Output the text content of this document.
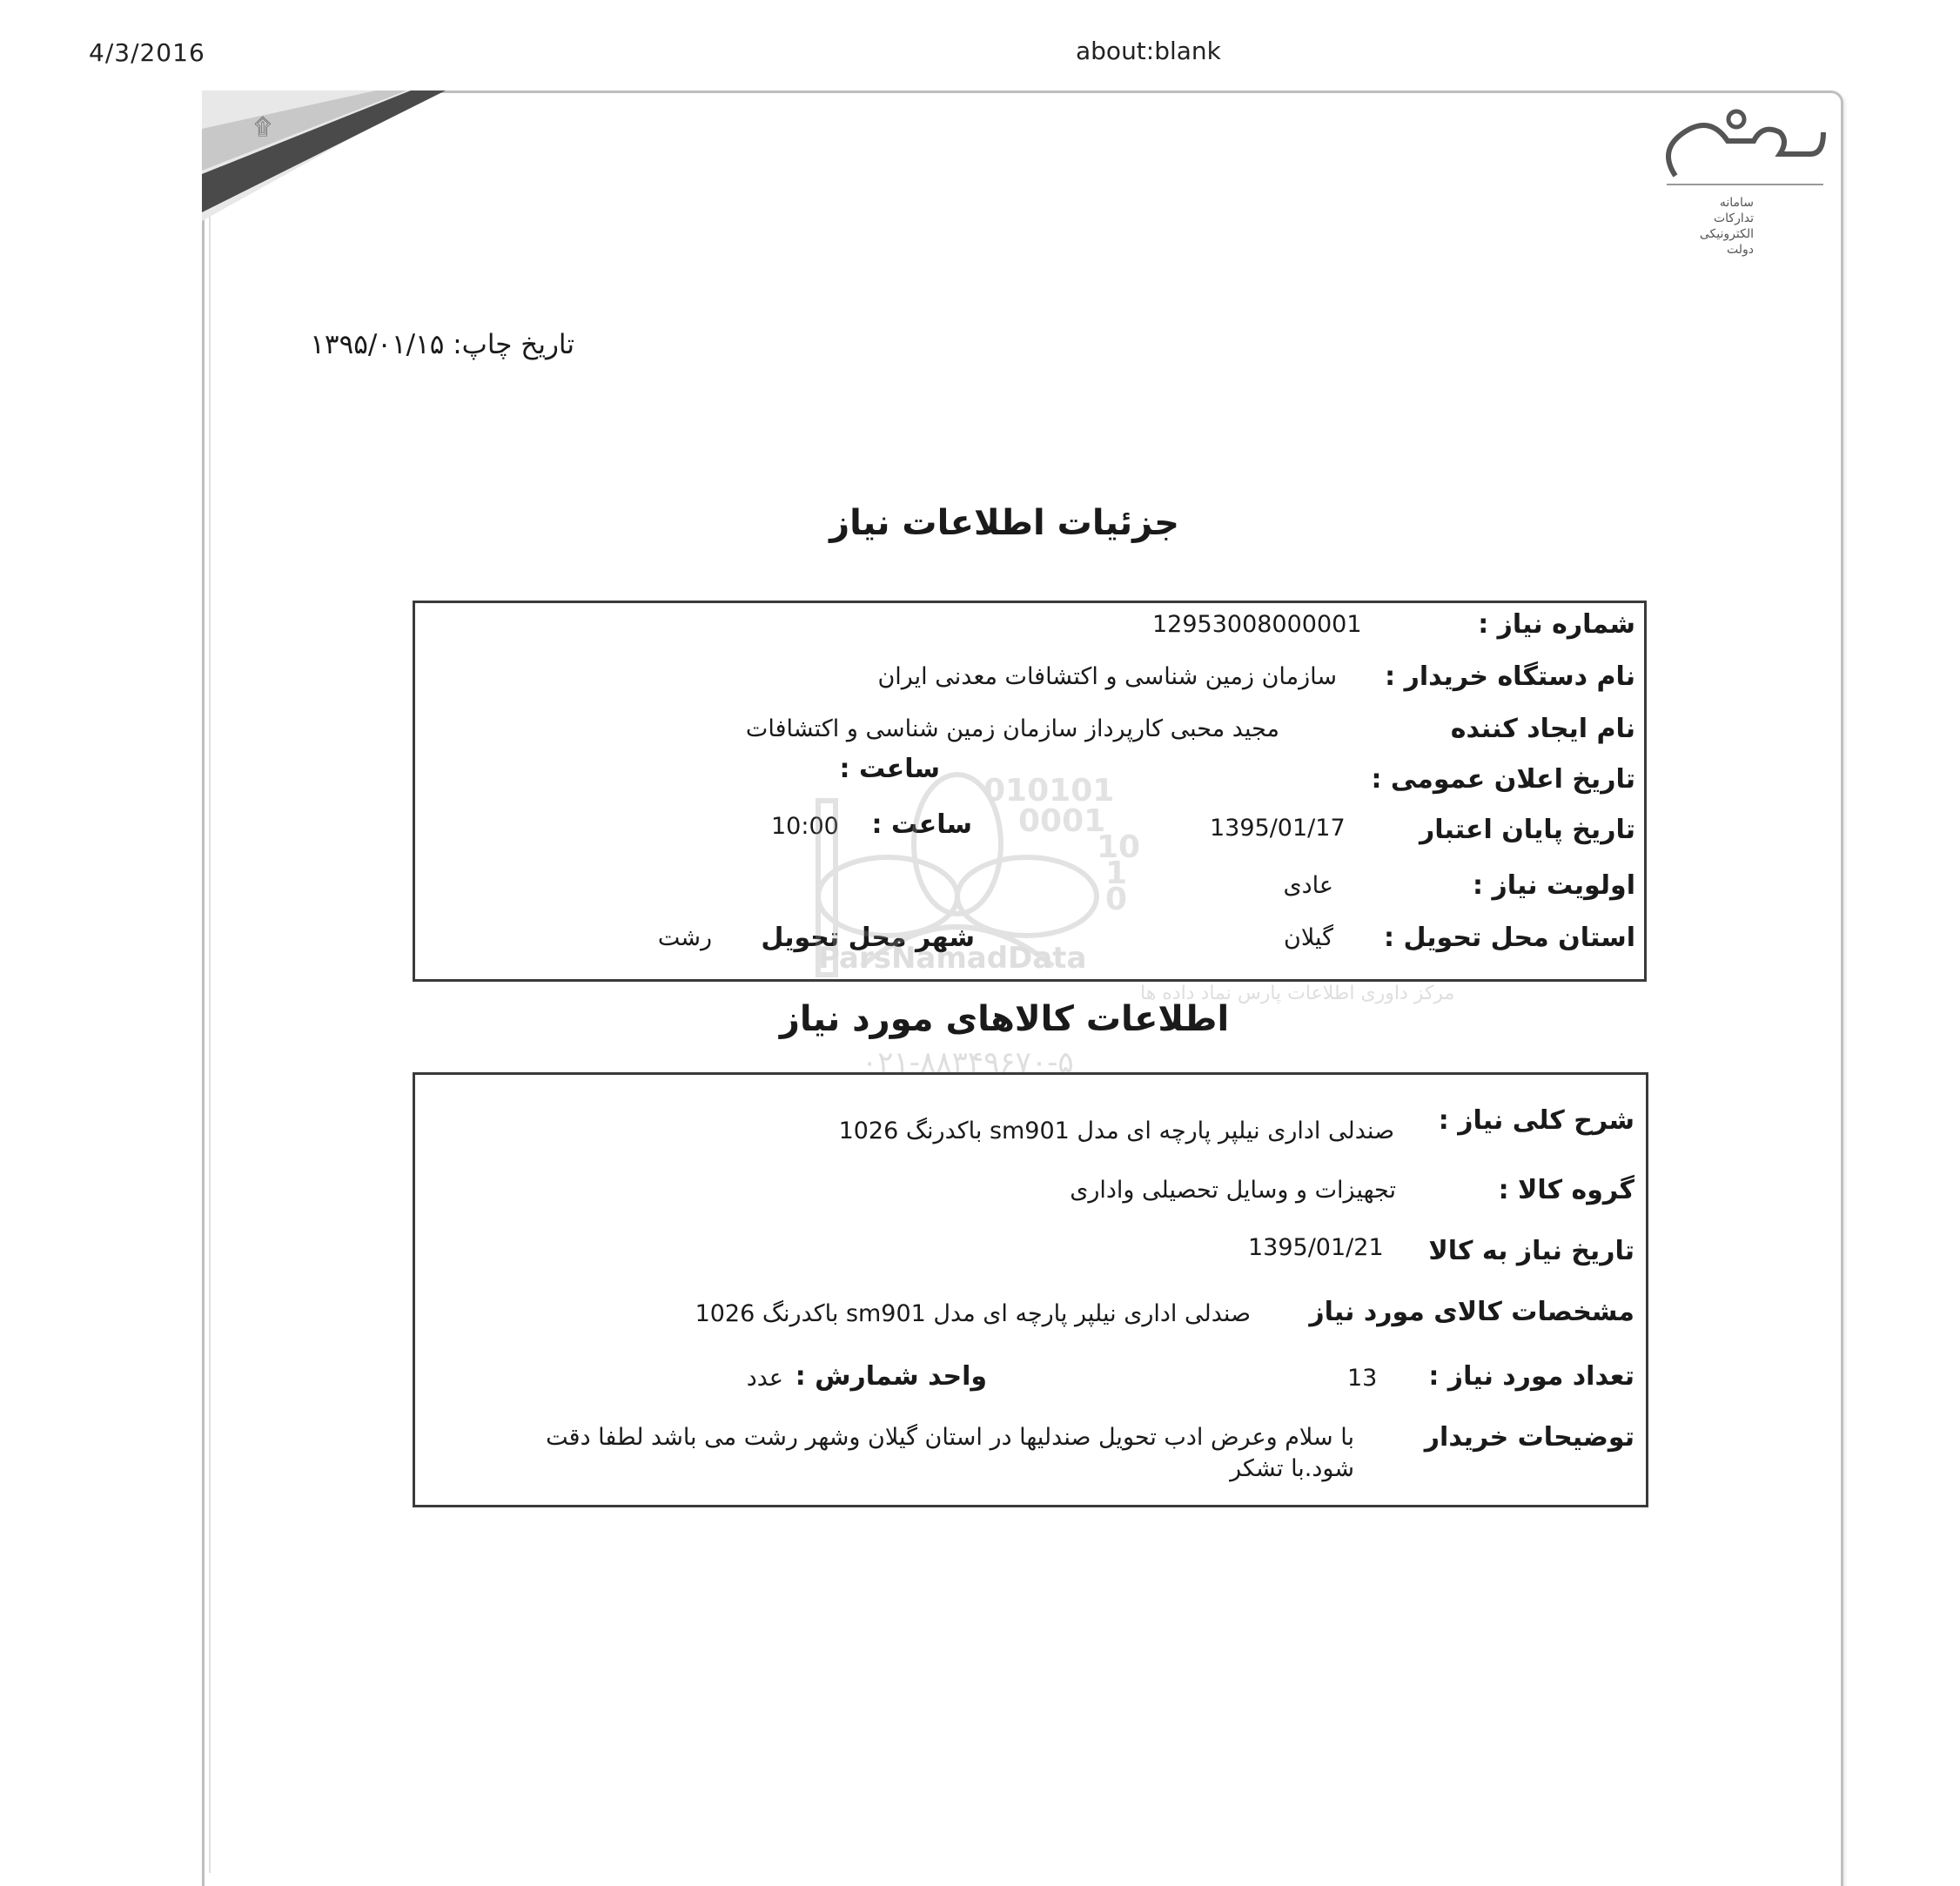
4/3/2016	about:blank
۩
سامانه
تدارکات
الکترونیکی
دولت
تاریخ چاپ: ۱۳۹۵/۰۱/۱۵
جزئیات اطلاعات نیاز
شماره نیاز :
12953008000001
نام دستگاه خریدار :
سازمان زمین شناسی و اکتشافات معدنی ایران
نام ایجاد کننده
مجید محبی کارپرداز سازمان زمین شناسی و اکتشافات
تاریخ اعلان عمومی :
ساعت :
تاریخ پایان اعتبار
1395/01/17
ساعت :
10:00
اولویت نیاز :
عادی
استان محل تحویل :
گیلان
شهر محل تحویل
رشت
010101
0001
10
1
0
ParsNamadData
مرکز داوری اطلاعات پارس نماد داده ها
۰۲۱-۸۸۳۴۹۶۷۰-۵
اطلاعات کالاهای مورد نیاز
شرح کلی نیاز :
صندلی اداری نیلپر پارچه ای مدل sm901 باکدرنگ 1026
گروه کالا :
تجهیزات و وسایل تحصیلی واداری
تاریخ نیاز به کالا
1395/01/21
مشخصات کالای مورد نیاز
صندلی اداری نیلپر پارچه ای مدل sm901 باکدرنگ 1026
تعداد مورد نیاز :
13
واحد شمارش :
عدد
توضیحات خریدار
با سلام وعرض ادب تحویل صندلیها در استان گیلان وشهر رشت می باشد لطفا دقت
شود.با تشکر
